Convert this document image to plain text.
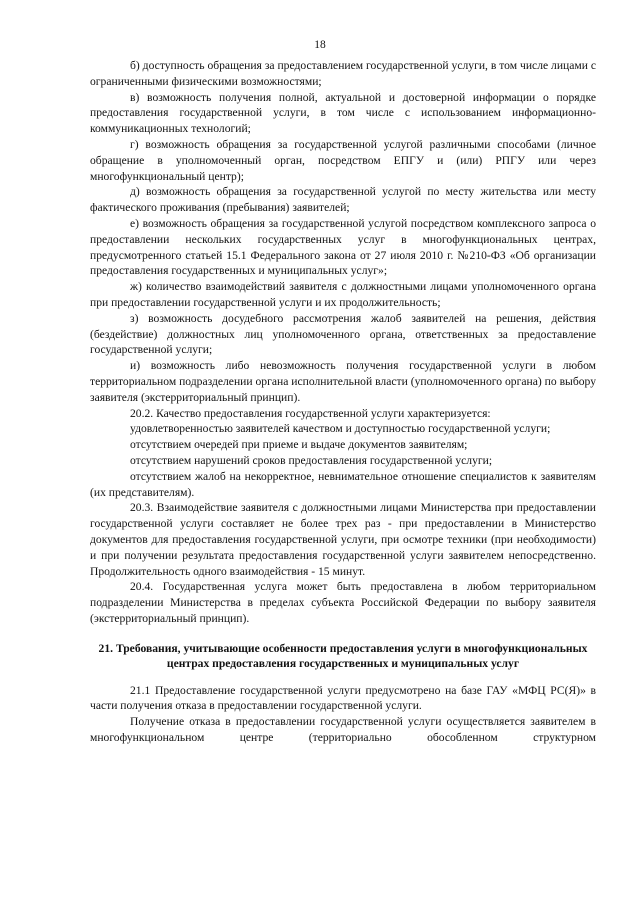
18

б) доступность обращения за предоставлением государственной услуги, в том числе лицами с ограниченными физическими возможностями;

в) возможность получения полной, актуальной и достоверной информации о порядке предоставления государственной услуги, в том числе с использованием информационно-коммуникационных технологий;

г) возможность обращения за государственной услугой различными способами (личное обращение в уполномоченный орган, посредством ЕПГУ и (или) РПГУ или через многофункциональный центр);

д) возможность обращения за государственной услугой по месту жительства или месту фактического проживания (пребывания) заявителей;

е) возможность обращения за государственной услугой посредством комплексного запроса о предоставлении нескольких государственных услуг в многофункциональных центрах, предусмотренного статьей 15.1 Федерального закона от 27 июля 2010 г. №210-ФЗ «Об организации предоставления государственных и муниципальных услуг»;

ж) количество взаимодействий заявителя с должностными лицами уполномоченного органа при предоставлении государственной услуги и их продолжительность;

з) возможность досудебного рассмотрения жалоб заявителей на решения, действия (бездействие) должностных лиц уполномоченного органа, ответственных за предоставление государственной услуги;

и) возможность либо невозможность получения государственной услуги в любом территориальном подразделении органа исполнительной власти (уполномоченного органа) по выбору заявителя (экстерриториальный принцип).

20.2. Качество предоставления государственной услуги характеризуется:

удовлетворенностью заявителей качеством и доступностью государственной услуги;

отсутствием очередей при приеме и выдаче документов заявителям;

отсутствием нарушений сроков предоставления государственной услуги;

отсутствием жалоб на некорректное, невнимательное отношение специалистов к заявителям (их представителям).

20.3. Взаимодействие заявителя с должностными лицами Министерства при предоставлении государственной услуги составляет не более трех раз - при предоставлении в Министерство документов для предоставления государственной услуги, при осмотре техники (при необходимости) и при получении результата предоставления государственной услуги заявителем непосредственно. Продолжительность одного взаимодействия - 15 минут.

20.4. Государственная услуга может быть предоставлена в любом территориальном подразделении Министерства в пределах субъекта Российской Федерации по выбору заявителя (экстерриториальный принцип).

21. Требования, учитывающие особенности предоставления услуги в многофункциональных центрах предоставления государственных и муниципальных услуг

21.1 Предоставление государственной услуги предусмотрено на базе ГАУ «МФЦ РС(Я)» в части получения отказа в предоставлении государственной услуги.

Получение отказа в предоставлении государственной услуги осуществляется заявителем в многофункциональном центре (территориально обособленном структурном
